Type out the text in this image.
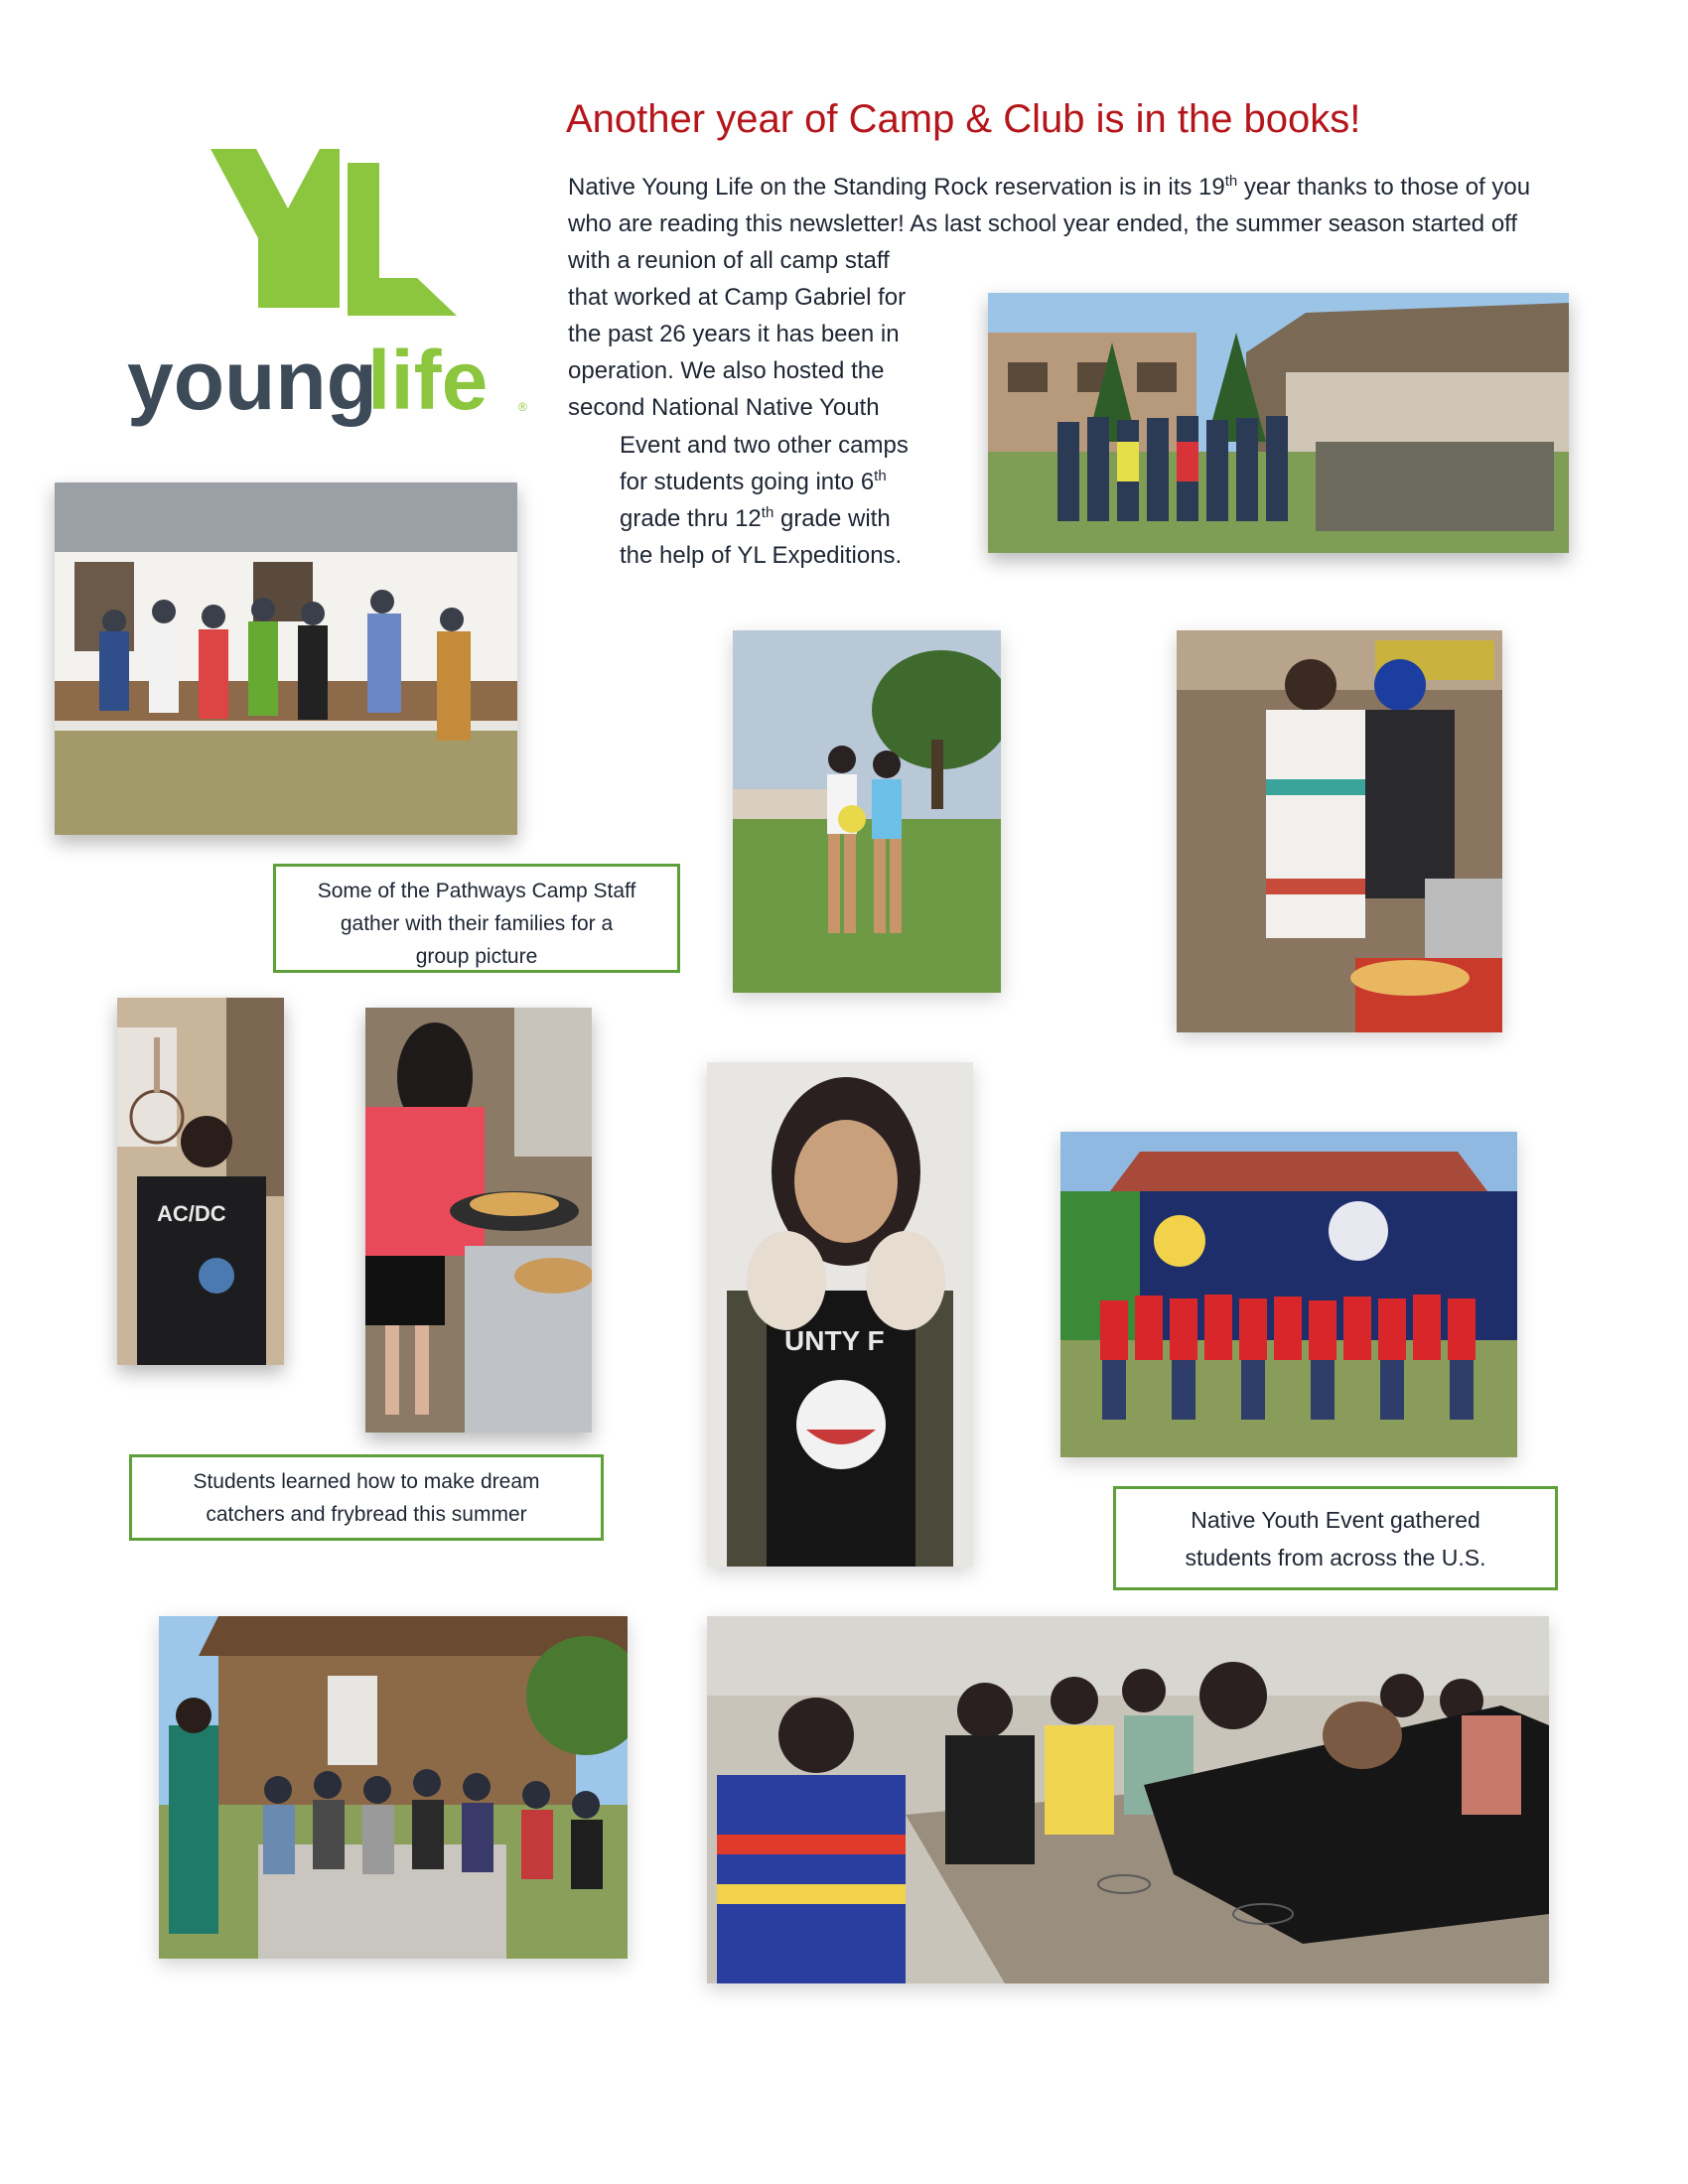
young
life	®
Another year of Camp & Club is in the books!
Native Young Life on the Standing Rock reservation is in its 19th year thanks to those of you
who are reading this newsletter! As last school year ended, the summer season started off
with a reunion of all camp staff
that worked at Camp Gabriel for
the past 26 years it has been in
operation. We also hosted the
second National Native Youth
Event and two other camps
for students going into 6th
grade thru 12th grade with
the help of YL Expeditions.
Some of the Pathways Camp Staff
gather with their families for a
group picture
AC/DC
Students learned how to make dream
catchers and frybread this summer
UNTY F
Native Youth Event gathered
students from across the U.S.
